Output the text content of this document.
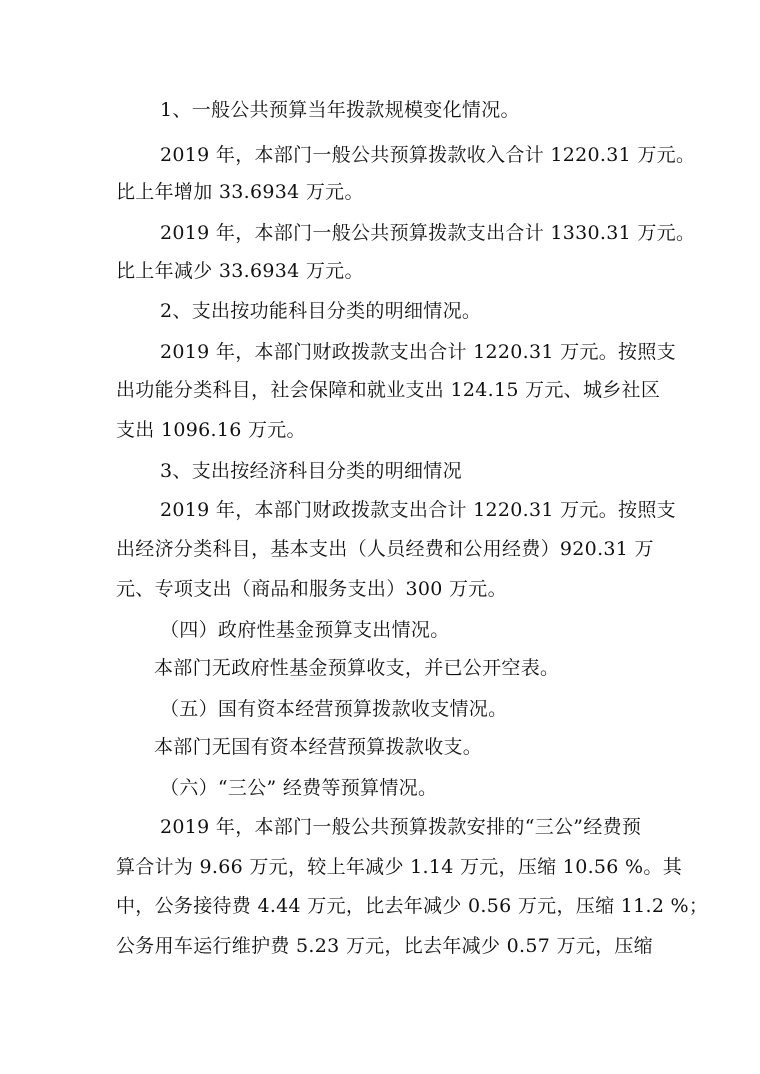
1、一般公共预算当年拨款规模变化情况。
2019 年，本部门一般公共预算拨款收入合计 1220.31 万元。
比上年增加 33.6934 万元。
2019 年，本部门一般公共预算拨款支出合计 1330.31 万元。
比上年减少 33.6934 万元。
2、支出按功能科目分类的明细情况。
2019 年，本部门财政拨款支出合计 1220.31 万元。按照支
出功能分类科目，社会保障和就业支出 124.15 万元、城乡社区
支出 1096.16 万元。
3、支出按经济科目分类的明细情况
2019 年，本部门财政拨款支出合计 1220.31 万元。按照支
出经济分类科目，基本支出（人员经费和公用经费）920.31 万
元、专项支出（商品和服务支出）300 万元。
（四）政府性基金预算支出情况。
本部门无政府性基金预算收支，并已公开空表。
（五）国有资本经营预算拨款收支情况。
本部门无国有资本经营预算拨款收支。
（六）“三公” 经费等预算情况。
2019 年，本部门一般公共预算拨款安排的“三公”经费预
算合计为 9.66 万元，较上年减少 1.14 万元，压缩 10.56 %。其
中，公务接待费 4.44 万元，比去年减少 0.56 万元，压缩 11.2 %；
公务用车运行维护费 5.23 万元，比去年减少 0.57 万元，压缩
